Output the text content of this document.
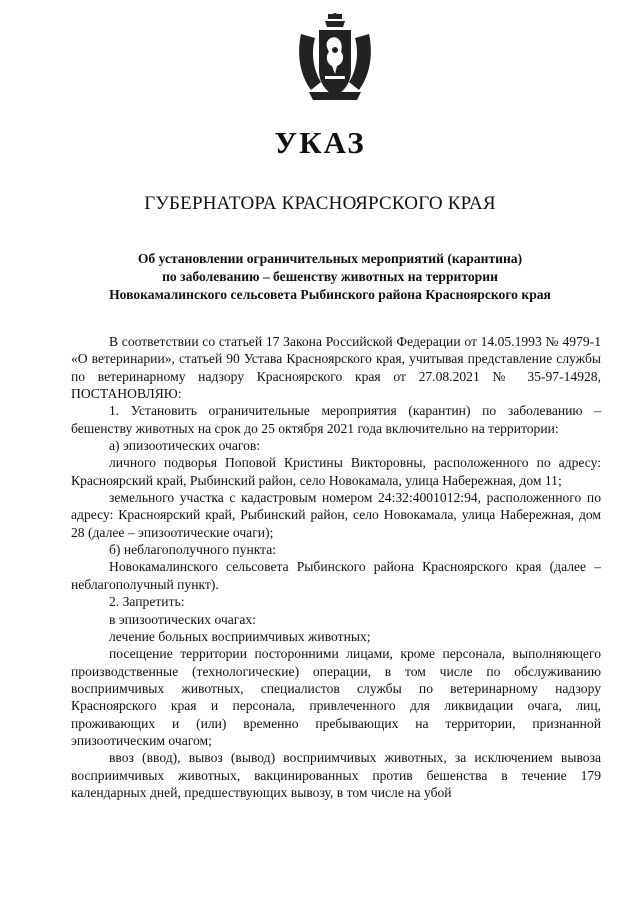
УКАЗ
ГУБЕРНАТОРА КРАСНОЯРСКОГО КРАЯ
Об установлении ограничительных мероприятий (карантина)
по заболеванию – бешенству животных на территории
Новокамалинского сельсовета Рыбинского района Красноярского края

В соответствии со статьей 17 Закона Российской Федерации от 14.05.1993 № 4979-1 «О ветеринарии», статьей 90 Устава Красноярского края, учитывая представление службы по ветеринарному надзору Красноярского края от 27.08.2021 № 35-97-14928, ПОСТАНОВЛЯЮ:

1. Установить ограничительные мероприятия (карантин) по заболеванию – бешенству животных на срок до 25 октября 2021 года включительно на территории:

а) эпизоотических очагов:

личного подворья Поповой Кристины Викторовны, расположенного по адресу: Красноярский край, Рыбинский район, село Новокамала, улица Набережная, дом 11;

земельного участка с кадастровым номером 24:32:4001012:94, расположенного по адресу: Красноярский край, Рыбинский район, село Новокамала, улица Набережная, дом 28 (далее – эпизоотические очаги);

б) неблагополучного пункта:

Новокамалинского сельсовета Рыбинского района Красноярского края (далее – неблагополучный пункт).

2. Запретить:

в эпизоотических очагах:

лечение больных восприимчивых животных;

посещение территории посторонними лицами, кроме персонала, выполняющего производственные (технологические) операции, в том числе по обслуживанию восприимчивых животных, специалистов службы по ветеринарному надзору Красноярского края и персонала, привлеченного для ликвидации очага, лиц, проживающих и (или) временно пребывающих на территории, признанной эпизоотическим очагом;

ввоз (ввод), вывоз (вывод) восприимчивых животных, за исключением вывоза восприимчивых животных, вакцинированных против бешенства в течение 179 календарных дней, предшествующих вывозу, в том числе на убой
